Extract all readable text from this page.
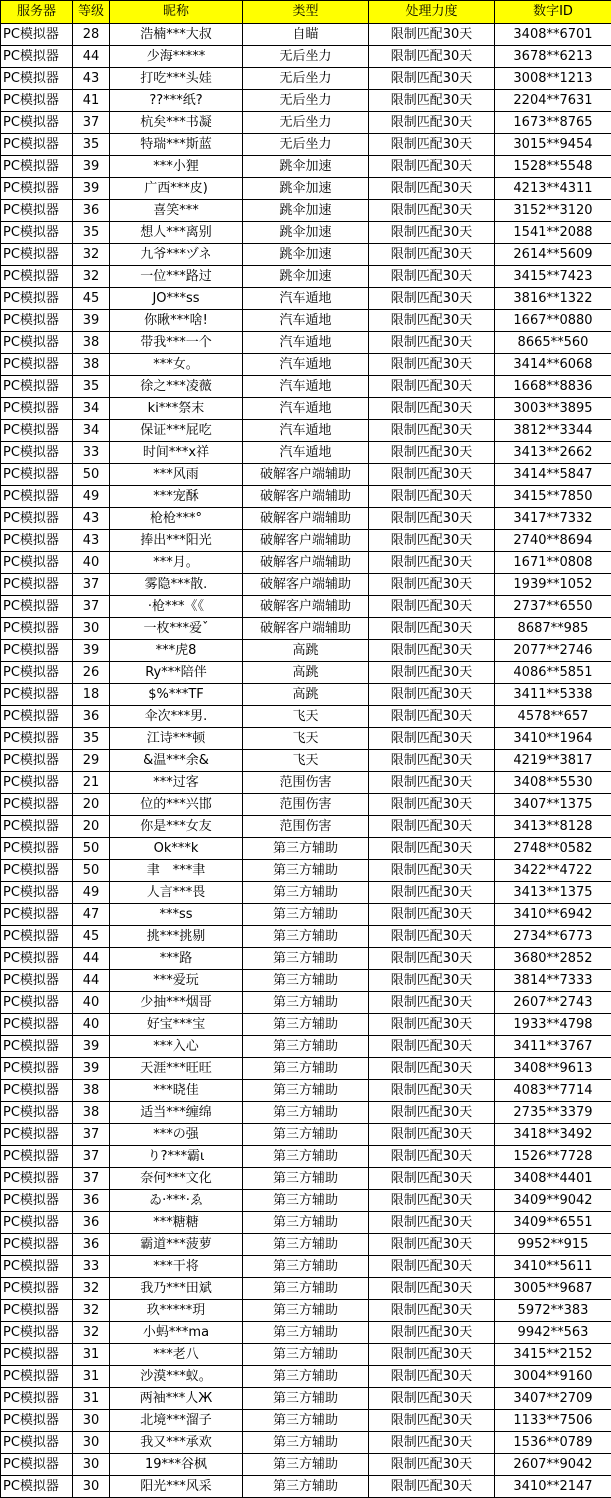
服务器	等级	昵称	类型	处理力度	数字ID
PC模拟器	28	浩楠***大叔	自瞄	限制匹配30天	3408**6701
PC模拟器	44	少海*****	无后坐力	限制匹配30天	3678**6213
PC模拟器	43	打吃***头娃	无后坐力	限制匹配30天	3008**1213
PC模拟器	41	??***纸?	无后坐力	限制匹配30天	2204**7631
PC模拟器	37	杭矣***书凝	无后坐力	限制匹配30天	1673**8765
PC模拟器	35	特瑞***斯蓝	无后坐力	限制匹配30天	3015**9454
PC模拟器	39	***小狸	跳伞加速	限制匹配30天	1528**5548
PC模拟器	39	广西***皮)	跳伞加速	限制匹配30天	4213**4311
PC模拟器	36	喜笑***	跳伞加速	限制匹配30天	3152**3120
PC模拟器	35	想人***离别	跳伞加速	限制匹配30天	1541**2088
PC模拟器	32	九爷***ヅネ	跳伞加速	限制匹配30天	2614**5609
PC模拟器	32	一位***路过	跳伞加速	限制匹配30天	3415**7423
PC模拟器	45	JO***ss	汽车遁地	限制匹配30天	3816**1322
PC模拟器	39	你瞅***啥!	汽车遁地	限制匹配30天	1667**0880
PC模拟器	38	带我***一个	汽车遁地	限制匹配30天	8665**560
PC模拟器	38	***女。	汽车遁地	限制匹配30天	3414**6068
PC模拟器	35	徐之***凌薇	汽车遁地	限制匹配30天	1668**8836
PC模拟器	34	ki***祭末	汽车遁地	限制匹配30天	3003**3895
PC模拟器	34	保证***屁吃	汽车遁地	限制匹配30天	3812**3344
PC模拟器	33	时间***x祥	汽车遁地	限制匹配30天	3413**2662
PC模拟器	50	***风雨	破解客户端辅助	限制匹配30天	3414**5847
PC模拟器	49	***宠酥	破解客户端辅助	限制匹配30天	3415**7850
PC模拟器	43	枪枪***°	破解客户端辅助	限制匹配30天	3417**7332
PC模拟器	43	捧出***阳光	破解客户端辅助	限制匹配30天	2740**8694
PC模拟器	40	***月。	破解客户端辅助	限制匹配30天	1671**0808
PC模拟器	37	雾隐***散.	破解客户端辅助	限制匹配30天	1939**1052
PC模拟器	37	·枪***《《	破解客户端辅助	限制匹配30天	2737**6550
PC模拟器	30	一枚***爱ˇ	破解客户端辅助	限制匹配30天	8687**985
PC模拟器	39	***虎8	高跳	限制匹配30天	2077**2746
PC模拟器	26	Ry***陪伴	高跳	限制匹配30天	4086**5851
PC模拟器	18	$%***TF	高跳	限制匹配30天	3411**5338
PC模拟器	36	伞次***男.	飞天	限制匹配30天	4578**657
PC模拟器	35	江诗***顿	飞天	限制匹配30天	3410**1964
PC模拟器	29	&温***余&	飞天	限制匹配30天	4219**3817
PC模拟器	21	***过客	范围伤害	限制匹配30天	3408**5530
PC模拟器	20	位的***兴邯	范围伤害	限制匹配30天	3407**1375
PC模拟器	20	你是***女友	范围伤害	限制匹配30天	3413**8128
PC模拟器	50	Ok***k	第三方辅助	限制匹配30天	2748**0582
PC模拟器	50	聿　***聿	第三方辅助	限制匹配30天	3422**4722
PC模拟器	49	人言***畏	第三方辅助	限制匹配30天	3413**1375
PC模拟器	47	***ss	第三方辅助	限制匹配30天	3410**6942
PC模拟器	45	挑***挑剔	第三方辅助	限制匹配30天	2734**6773
PC模拟器	44	***路	第三方辅助	限制匹配30天	3680**2852
PC模拟器	44	***爱玩	第三方辅助	限制匹配30天	3814**7333
PC模拟器	40	少抽***烟哥	第三方辅助	限制匹配30天	2607**2743
PC模拟器	40	好宝***宝	第三方辅助	限制匹配30天	1933**4798
PC模拟器	39	***入心	第三方辅助	限制匹配30天	3411**3767
PC模拟器	39	天涯***旺旺	第三方辅助	限制匹配30天	3408**9613
PC模拟器	38	***晓佳	第三方辅助	限制匹配30天	4083**7714
PC模拟器	38	适当***缠绵	第三方辅助	限制匹配30天	2735**3379
PC模拟器	37	***の强	第三方辅助	限制匹配30天	3418**3492
PC模拟器	37	り?***霸ι	第三方辅助	限制匹配30天	1526**7728
PC模拟器	37	奈何***文化	第三方辅助	限制匹配30天	3408**4401
PC模拟器	36	ゐ·***·ゑ	第三方辅助	限制匹配30天	3409**9042
PC模拟器	36	***糖糖	第三方辅助	限制匹配30天	3409**6551
PC模拟器	36	霸道***菠萝	第三方辅助	限制匹配30天	9952**915
PC模拟器	33	***干将	第三方辅助	限制匹配30天	3410**5611
PC模拟器	32	我乃***田斌	第三方辅助	限制匹配30天	3005**9687
PC模拟器	32	玖*****玥	第三方辅助	限制匹配30天	5972**383
PC模拟器	32	小蚂***ma	第三方辅助	限制匹配30天	9942**563
PC模拟器	31	***老八	第三方辅助	限制匹配30天	3415**2152
PC模拟器	31	沙漠***蚁。	第三方辅助	限制匹配30天	3004**9160
PC模拟器	31	两袖***人Ж	第三方辅助	限制匹配30天	3407**2709
PC模拟器	30	北境***溜子	第三方辅助	限制匹配30天	1133**7506
PC模拟器	30	我又***承欢	第三方辅助	限制匹配30天	1536**0789
PC模拟器	30	19***谷枫	第三方辅助	限制匹配30天	2607**9042
PC模拟器	30	阳光***风采	第三方辅助	限制匹配30天	3410**2147
